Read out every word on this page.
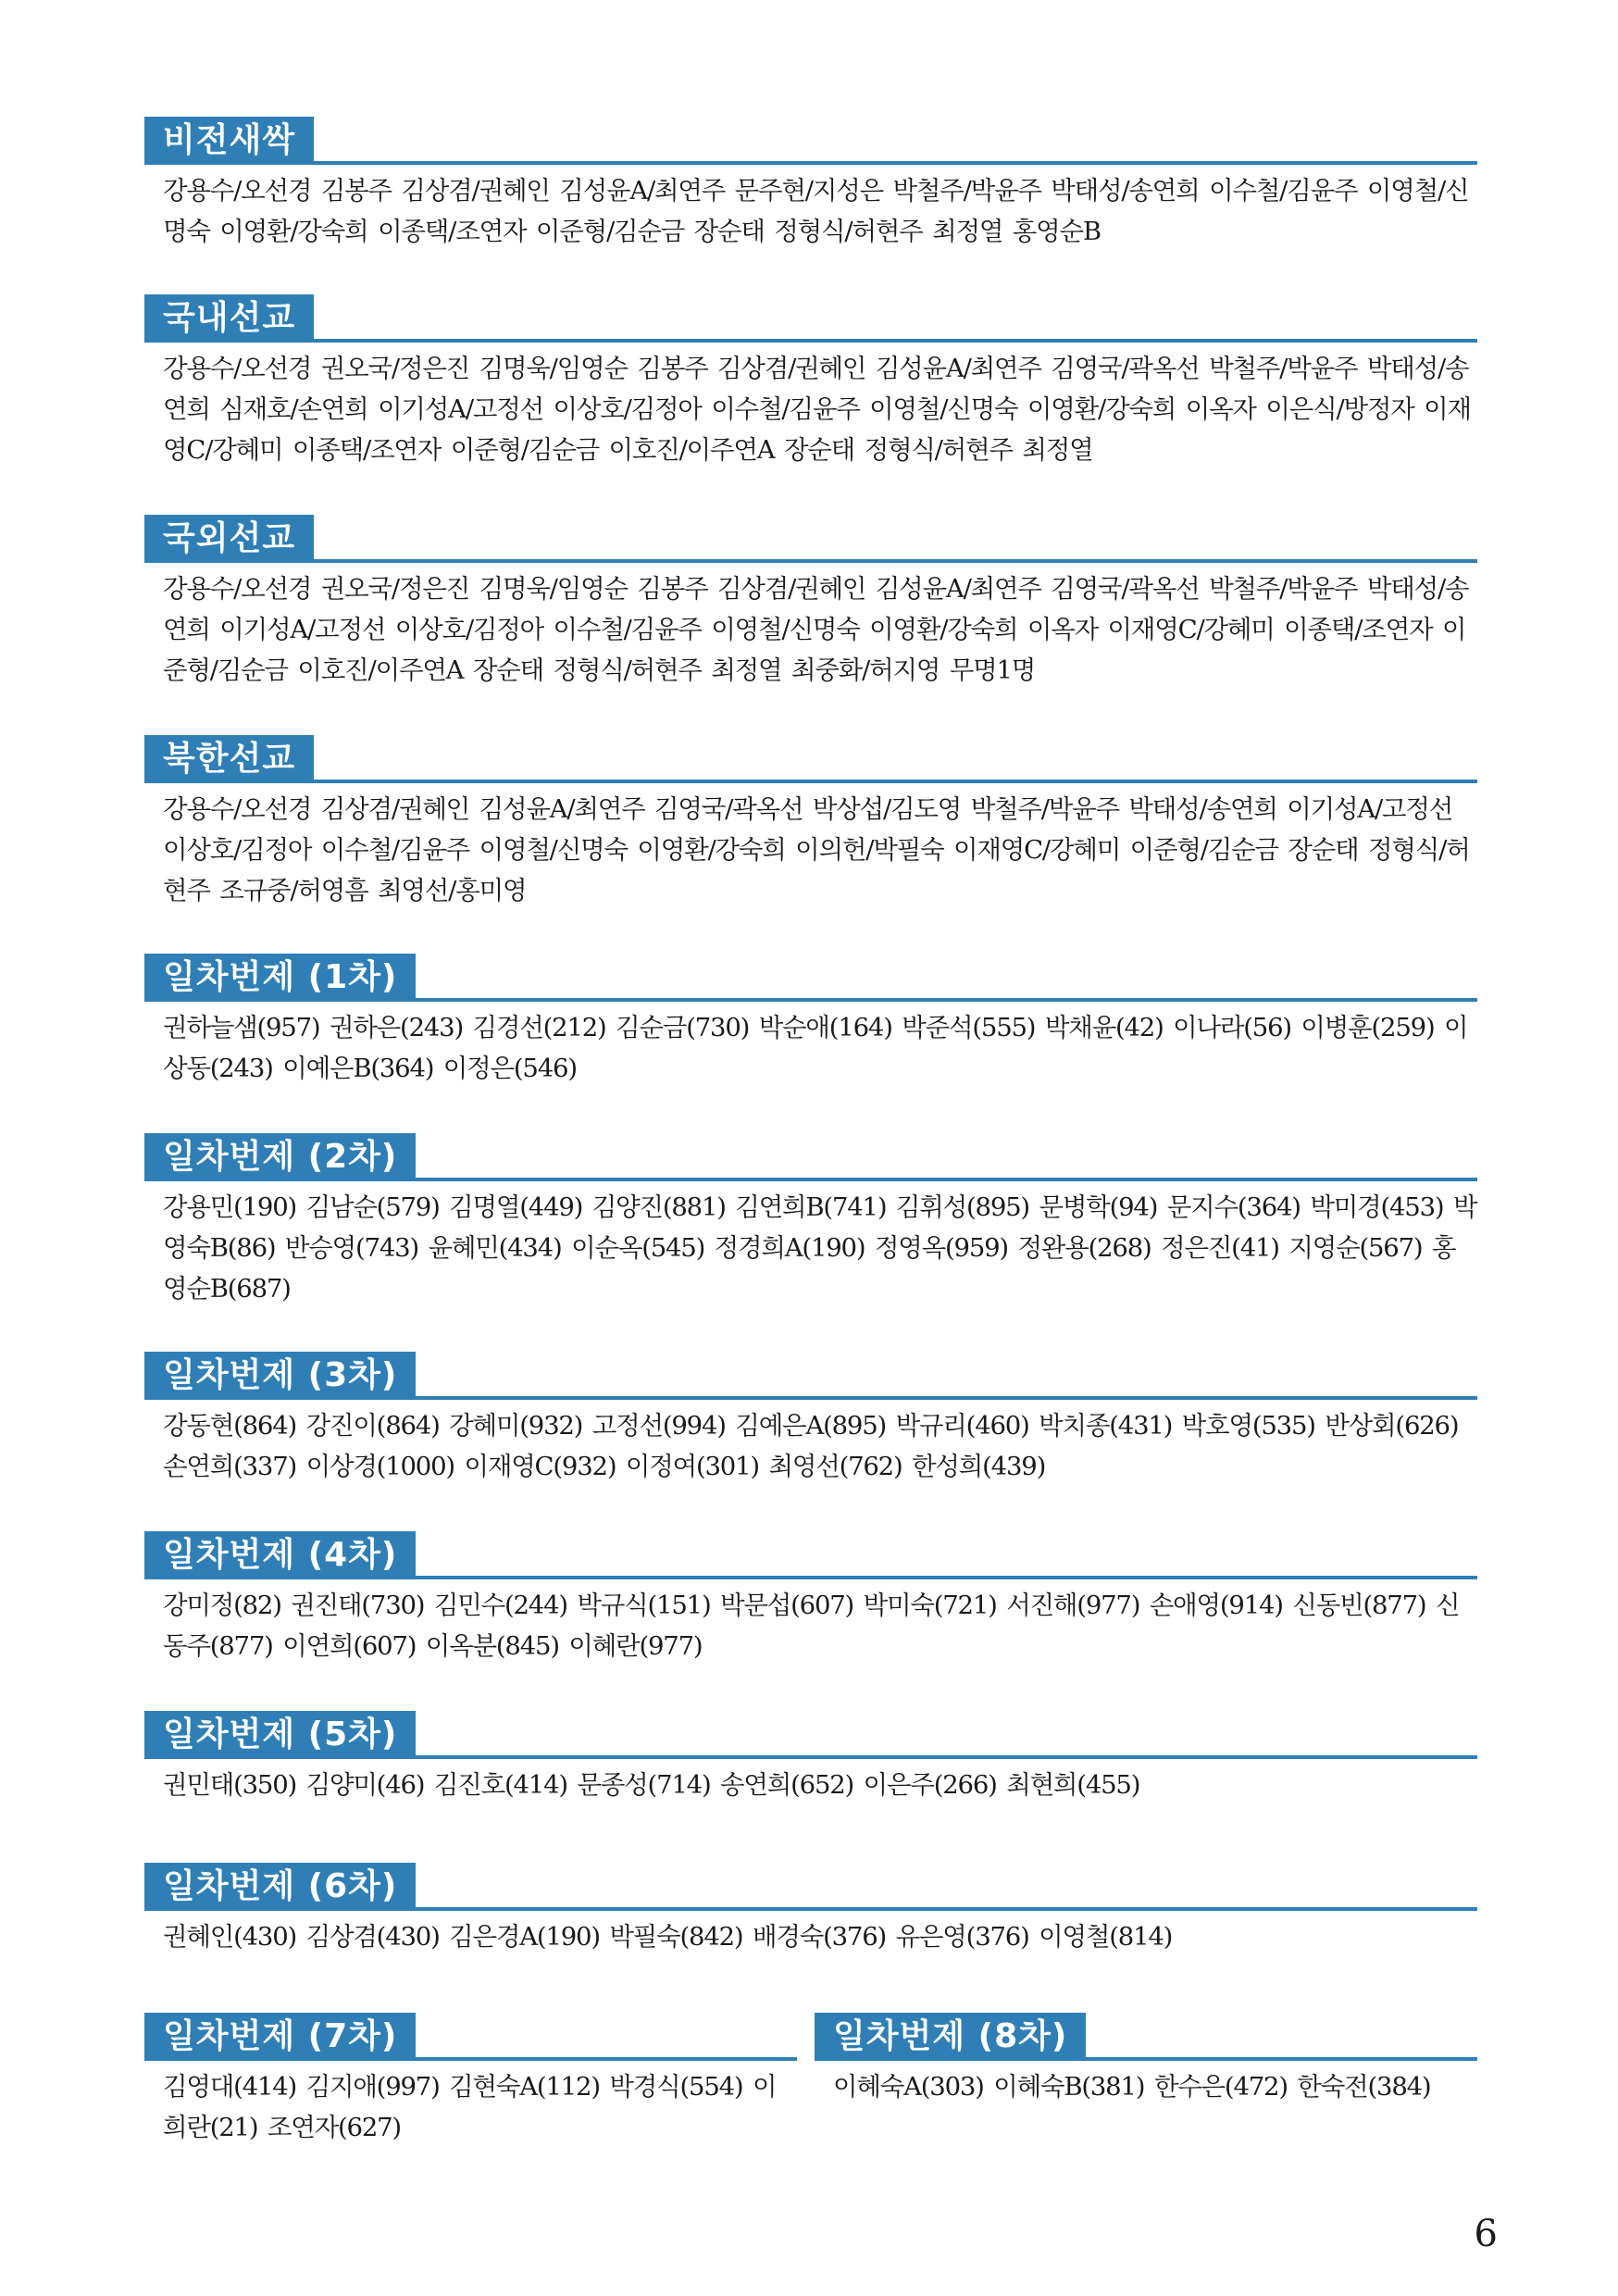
비전새싹
강용수/오선경 김봉주 김상겸/권혜인 김성윤A/최연주 문주현/지성은 박철주/박윤주 박태성/송연희 이수철/김윤주 이영철/신명숙 이영환/강숙희 이종택/조연자 이준형/김순금 장순태 정형식/허현주 최정열 홍영순B
국내선교
강용수/오선경 권오국/정은진 김명욱/임영순 김봉주 김상겸/권혜인 김성윤A/최연주 김영국/곽옥선 박철주/박윤주 박태성/송연희 심재호/손연희 이기성A/고정선 이상호/김정아 이수철/김윤주 이영철/신명숙 이영환/강숙희 이옥자 이은식/방정자 이재영C/강혜미 이종택/조연자 이준형/김순금 이호진/이주연A 장순태 정형식/허현주 최정열
국외선교
강용수/오선경 권오국/정은진 김명욱/임영순 김봉주 김상겸/권혜인 김성윤A/최연주 김영국/곽옥선 박철주/박윤주 박태성/송연희 이기성A/고정선 이상호/김정아 이수철/김윤주 이영철/신명숙 이영환/강숙희 이옥자 이재영C/강혜미 이종택/조연자 이준형/김순금 이호진/이주연A 장순태 정형식/허현주 최정열 최중화/허지영 무명1명
북한선교
강용수/오선경 김상겸/권혜인 김성윤A/최연주 김영국/곽옥선 박상섭/김도영 박철주/박윤주 박태성/송연희 이기성A/고정선 이상호/김정아 이수철/김윤주 이영철/신명숙 이영환/강숙희 이의헌/박필숙 이재영C/강혜미 이준형/김순금 장순태 정형식/허현주 조규중/허영흠 최영선/홍미영
일차번제 (1차)
권하늘샘(957) 권하은(243) 김경선(212) 김순금(730) 박순애(164) 박준석(555) 박채윤(42) 이나라(56) 이병훈(259) 이상동(243) 이예은B(364) 이정은(546)
일차번제 (2차)
강용민(190) 김남순(579) 김명열(449) 김양진(881) 김연희B(741) 김휘성(895) 문병학(94) 문지수(364) 박미경(453) 박영숙B(86) 반승영(743) 윤혜민(434) 이순옥(545) 정경희A(190) 정영옥(959) 정완용(268) 정은진(41) 지영순(567) 홍영순B(687)
일차번제 (3차)
강동현(864) 강진이(864) 강혜미(932) 고정선(994) 김예은A(895) 박규리(460) 박치종(431) 박호영(535) 반상회(626) 손연희(337) 이상경(1000) 이재영C(932) 이정여(301) 최영선(762) 한성희(439)
일차번제 (4차)
강미정(82) 권진태(730) 김민수(244) 박규식(151) 박문섭(607) 박미숙(721) 서진해(977) 손애영(914) 신동빈(877) 신동주(877) 이연희(607) 이옥분(845) 이혜란(977)
일차번제 (5차)
권민태(350) 김양미(46) 김진호(414) 문종성(714) 송연희(652) 이은주(266) 최현희(455)
일차번제 (6차)
권혜인(430) 김상겸(430) 김은경A(190) 박필숙(842) 배경숙(376) 유은영(376) 이영철(814)
일차번제 (7차)
김영대(414) 김지애(997) 김현숙A(112) 박경식(554) 이희란(21) 조연자(627)
일차번제 (8차)
이혜숙A(303) 이혜숙B(381) 한수은(472) 한숙전(384)
6
